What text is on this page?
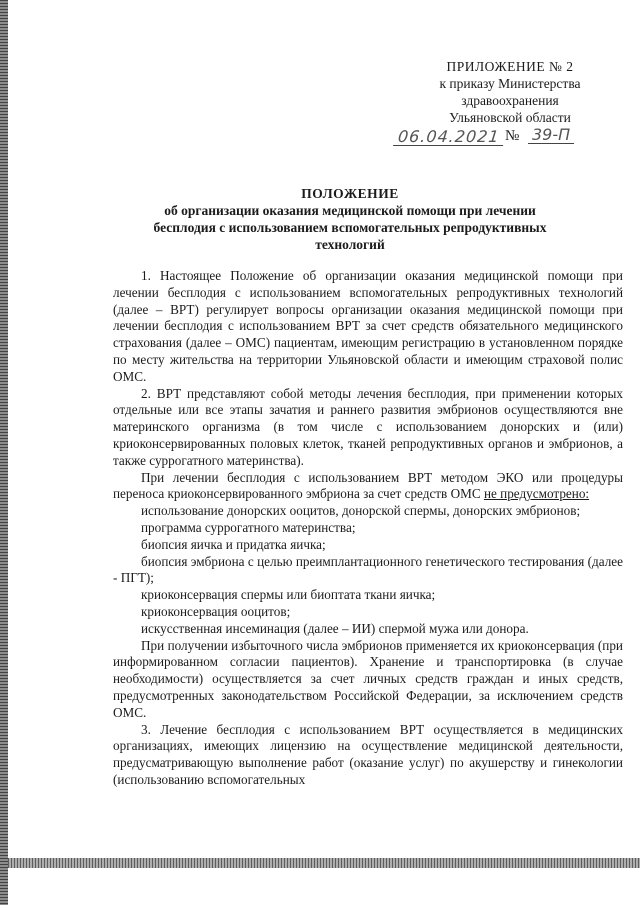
ПРИЛОЖЕНИЕ № 2
к приказу Министерства
здравоохранения
Ульяновской области
06.04.2021 № 39-П
ПОЛОЖЕНИЕ
об организации оказания медицинской помощи при лечении бесплодия с использованием вспомогательных репродуктивных технологий

1. Настоящее Положение об организации оказания медицинской помощи при лечении бесплодия с использованием вспомогательных репродуктивных технологий (далее – ВРТ) регулирует вопросы организации оказания медицинской помощи при лечении бесплодия с использованием ВРТ за счет средств обязательного медицинского страхования (далее – ОМС) пациентам, имеющим регистрацию в установленном порядке по месту жительства на территории Ульяновской области и имеющим страховой полис ОМС.

2. ВРТ представляют собой методы лечения бесплодия, при применении которых отдельные или все этапы зачатия и раннего развития эмбрионов осуществляются вне материнского организма (в том числе с использованием донорских и (или) криоконсервированных половых клеток, тканей репродуктивных органов и эмбрионов, а также суррогатного материнства).

При лечении бесплодия с использованием ВРТ методом ЭКО или процедуры переноса криоконсервированного эмбриона за счет средств ОМС не предусмотрено:

использование донорских ооцитов, донорской спермы, донорских эмбрионов;

программа суррогатного материнства;

биопсия яичка и придатка яичка;

биопсия эмбриона с целью преимплантационного генетического тестирования (далее - ПГТ);

криоконсервация спермы или биоптата ткани яичка;

криоконсервация ооцитов;

искусственная инсеминация (далее – ИИ) спермой мужа или донора.

При получении избыточного числа эмбрионов применяется их криоконсервация (при информированном согласии пациентов). Хранение и транспортировка (в случае необходимости) осуществляется за счет личных средств граждан и иных средств, предусмотренных законодательством Российской Федерации, за исключением средств ОМС.

3. Лечение бесплодия с использованием ВРТ осуществляется в медицинских организациях, имеющих лицензию на осуществление медицинской деятельности, предусматривающую выполнение работ (оказание услуг) по акушерству и гинекологии (использованию вспомогательных
